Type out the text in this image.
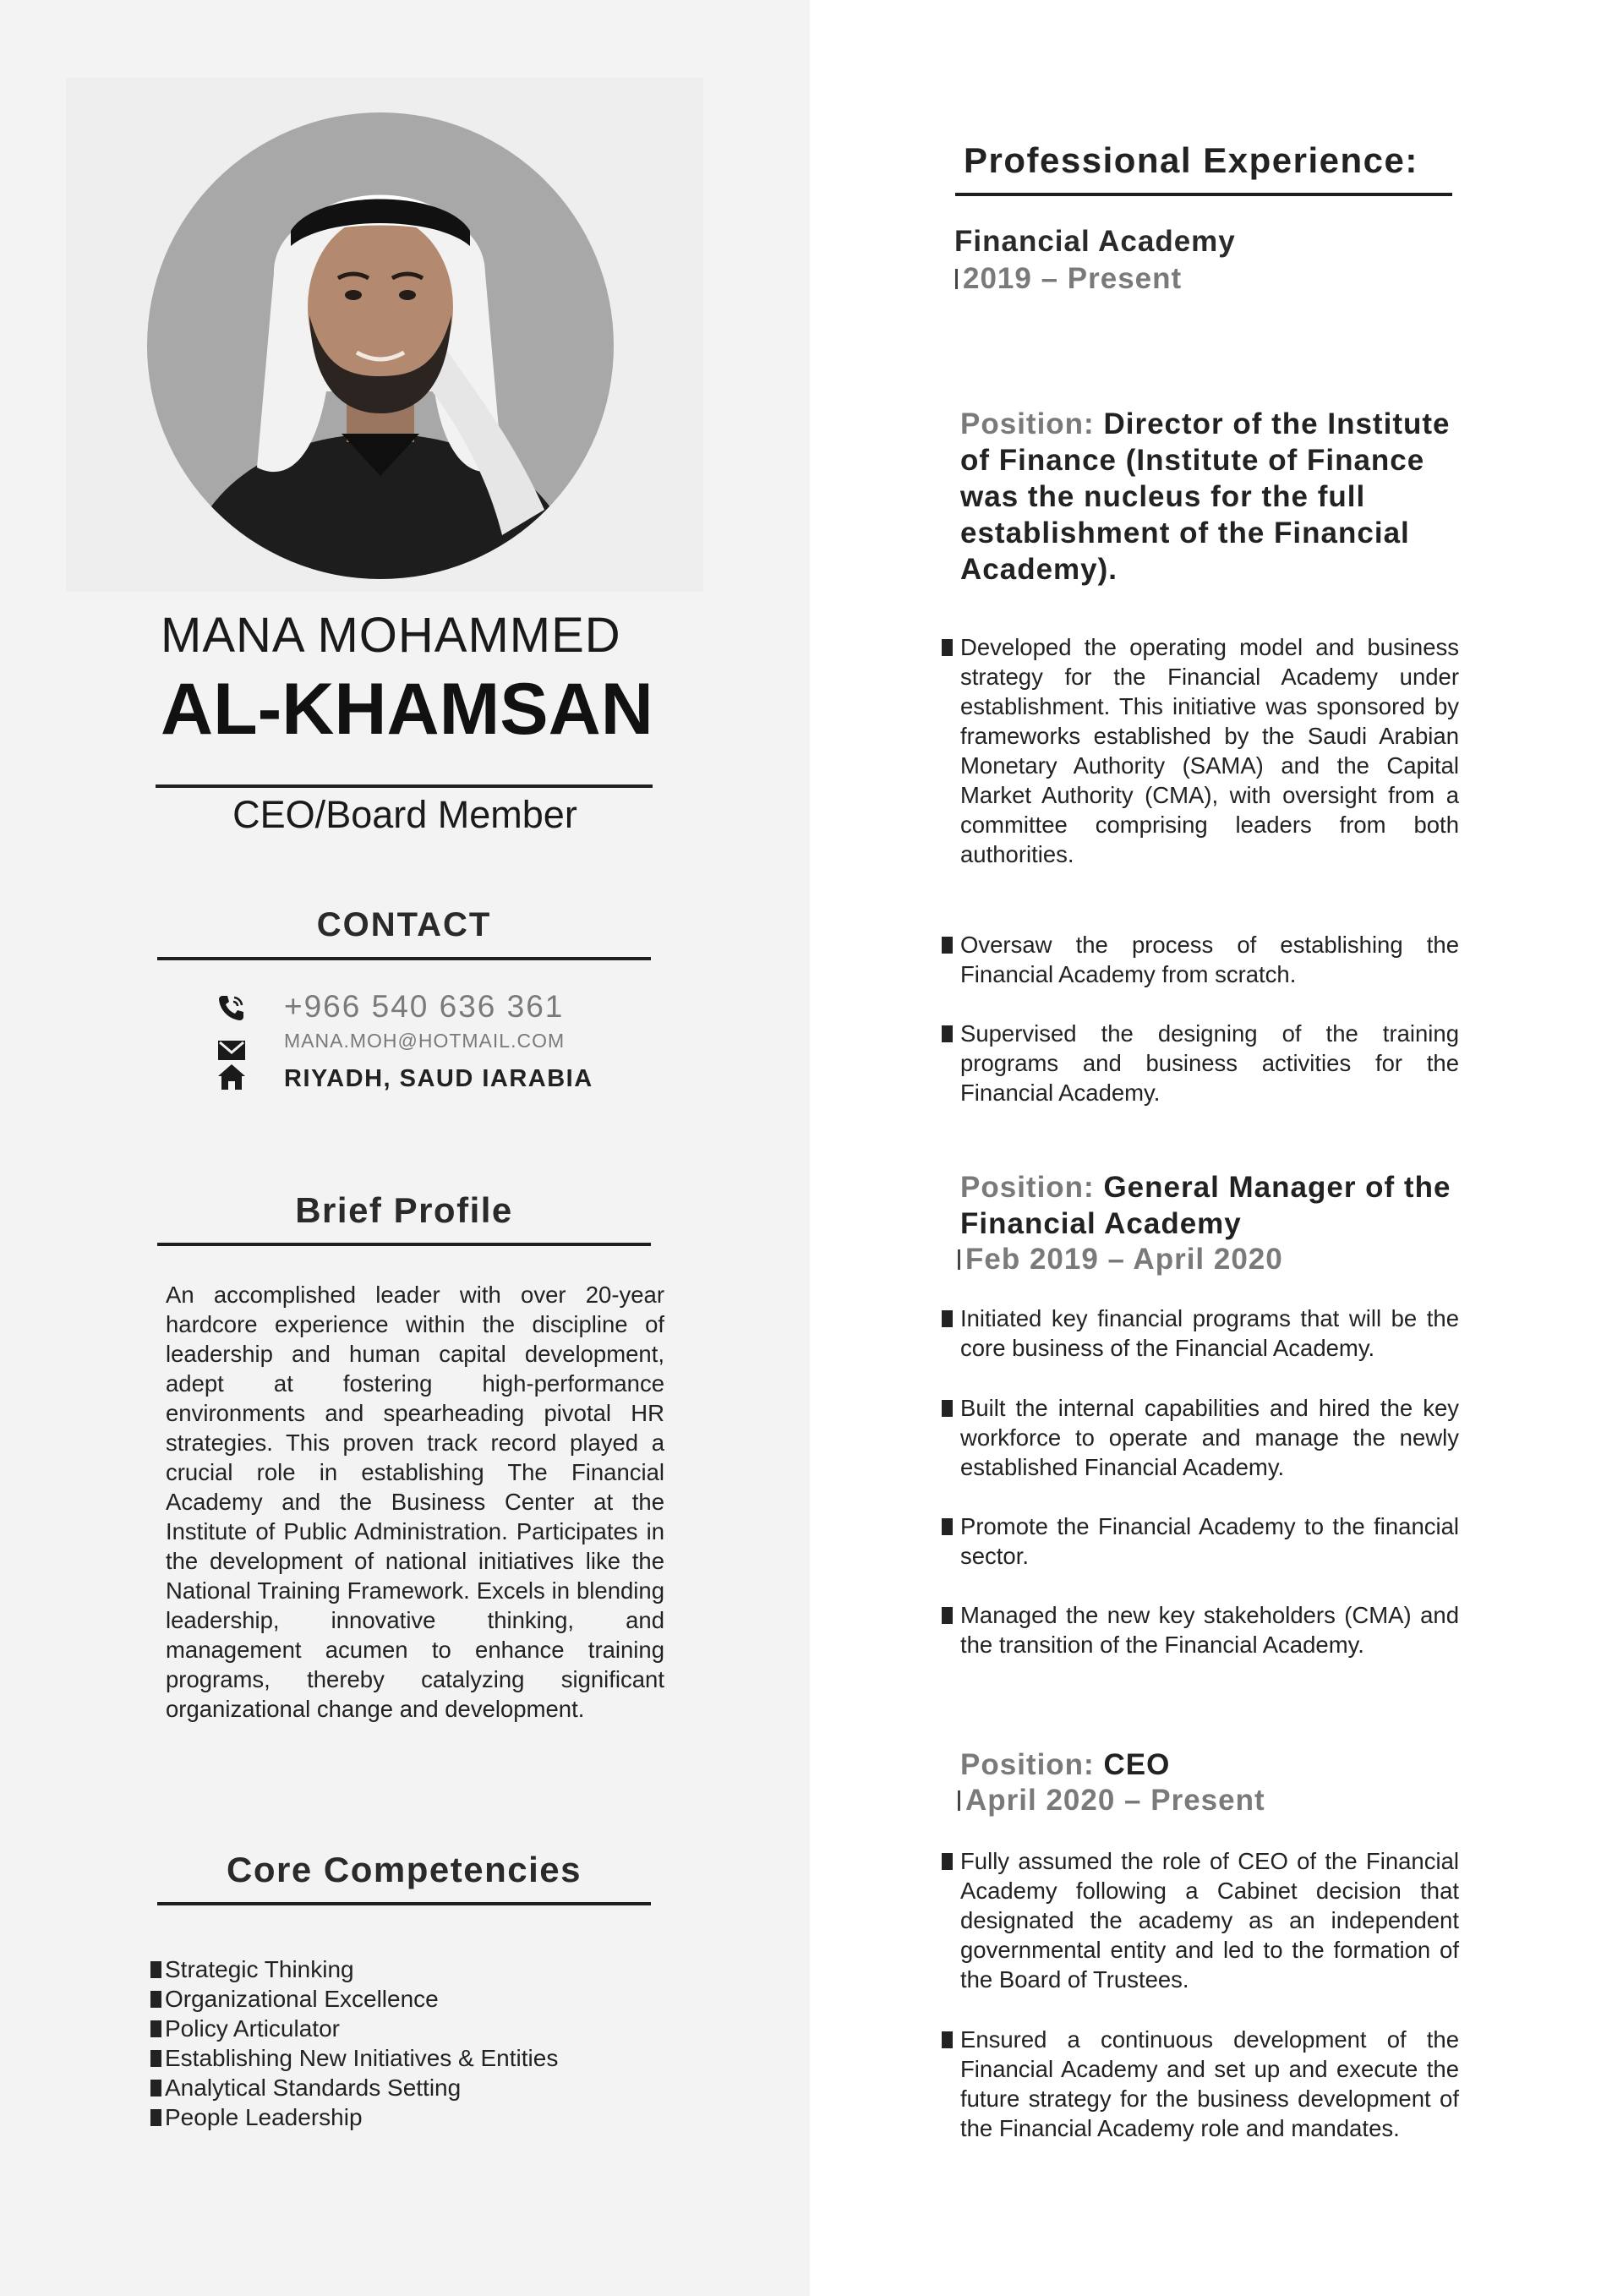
MANA MOHAMMED
AL-KHAMSAN
CEO/Board Member
CONTACT
+966 540 636 361
MANA.MOH@HOTMAIL.COM
RIYADH, SAUD IARABIA
Brief Profile
An accomplished leader with over 20-year hardcore experience within the discipline of leadership and human capital development, adept at fostering high-performance environments and spearheading pivotal HR strategies. This proven track record played a crucial role in establishing The Financial Academy and the Business Center at the Institute of Public Administration. Participates in the development of national initiatives like the National Training Framework. Excels in blending leadership, innovative thinking, and management acumen to enhance training programs, thereby catalyzing significant organizational change and development.
Core Competencies
Strategic Thinking
Organizational Excellence
Policy Articulator
Establishing New Initiatives & Entities
Analytical Standards Setting
People Leadership
Professional Experience:
Financial Academy
2019 – Present
Position: Director of the Institute of Finance (Institute of Finance was the nucleus for the full establishment of the Financial Academy).
Developed the operating model and business strategy for the Financial Academy under establishment. This initiative was sponsored by frameworks established by the Saudi Arabian Monetary Authority (SAMA) and the Capital Market Authority (CMA), with oversight from a committee comprising leaders from both authorities.
Oversaw the process of establishing the Financial Academy from scratch.
Supervised the designing of the training programs and business activities for the Financial Academy.
Position: General Manager of the Financial Academy
Feb 2019 – April 2020
Initiated key financial programs that will be the core business of the Financial Academy.
Built the internal capabilities and hired the key workforce to operate and manage the newly established Financial Academy.
Promote the Financial Academy to the financial sector.
Managed the new key stakeholders (CMA) and the transition of the Financial Academy.
Position: CEO
April 2020 – Present
Fully assumed the role of CEO of the Financial Academy following a Cabinet decision that designated the academy as an independent governmental entity and led to the formation of the Board of Trustees.
Ensured a continuous development of the Financial Academy and set up and execute the future strategy for the business development of the Financial Academy role and mandates.
